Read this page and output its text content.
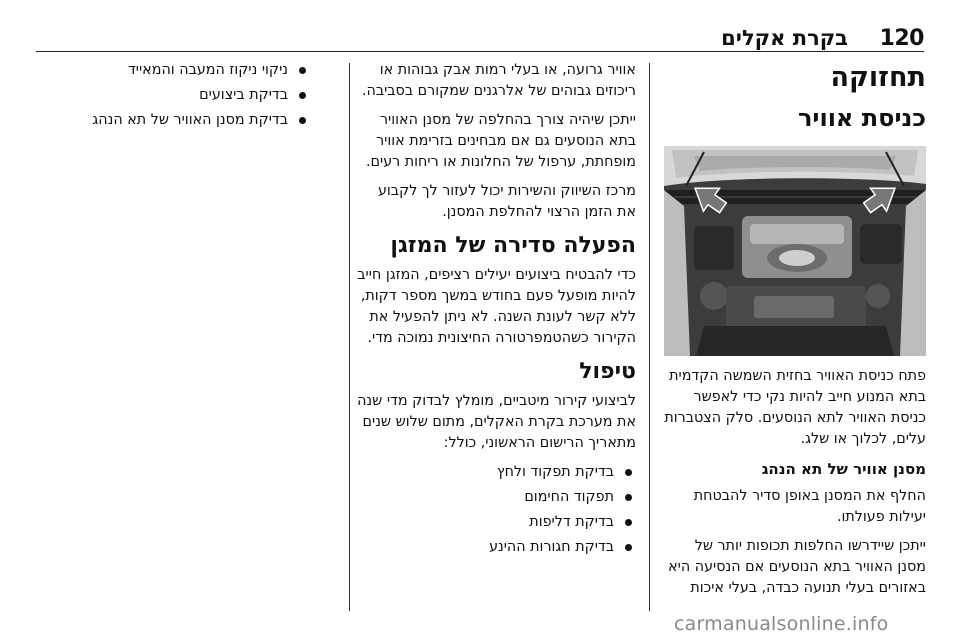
120
בקרת אקלים
תחזוקה
כניסת אוויר

פתח כניסת האוויר בחזית השמשה הקדמית בתא המנוע חייב להיות נקי כדי לאפשר כניסת האוויר לתא הנוסעים. סלק הצטברות עלים, לכלוך או שלג.

מסנן אוויר של תא הנהג

החלף את המסנן באופן סדיר להבטחת יעילות פעולתו.

ייתכן שיידרשו החלפות תכופות יותר של מסנן האוויר בתא הנוסעים אם הנסיעה היא באזורים בעלי תנועה כבדה, בעלי איכות

אוויר גרועה, או בעלי רמות אבק גבוהות או ריכוזים גבוהים של אלרגנים שמקורם בסביבה.

ייתכן שיהיה צורך בהחלפה של מסנן האוויר בתא הנוסעים גם אם מבחינים בזרימת אוויר מופחתת, ערפול של החלונות או ריחות רעים.

מרכז השיווק והשירות יכול לעזור לך לקבוע את הזמן הרצוי להחלפת המסנן.

הפעלה סדירה של המזגן

כדי להבטיח ביצועים יעילים רציפים, המזגן חייב להיות מופעל פעם בחודש במשך מספר דקות, ללא קשר לעונת השנה. לא ניתן להפעיל את הקירור כשהטמפרטורה החיצונית נמוכה מדי.

טיפול

לביצועי קירור מיטביים, מומלץ לבדוק מדי שנה את מערכת בקרת האקלים, מתום שלוש שנים מתאריך הרישום הראשוני, כולל:

בדיקת תפקוד ולחץ
תפקוד החימום
בדיקת דליפות
בדיקת חגורות ההינע
ניקוי ניקוז המעבה והמאייד
בדיקת ביצועים
בדיקת מסנן האוויר של תא הנהג
carmanualsonline.info
